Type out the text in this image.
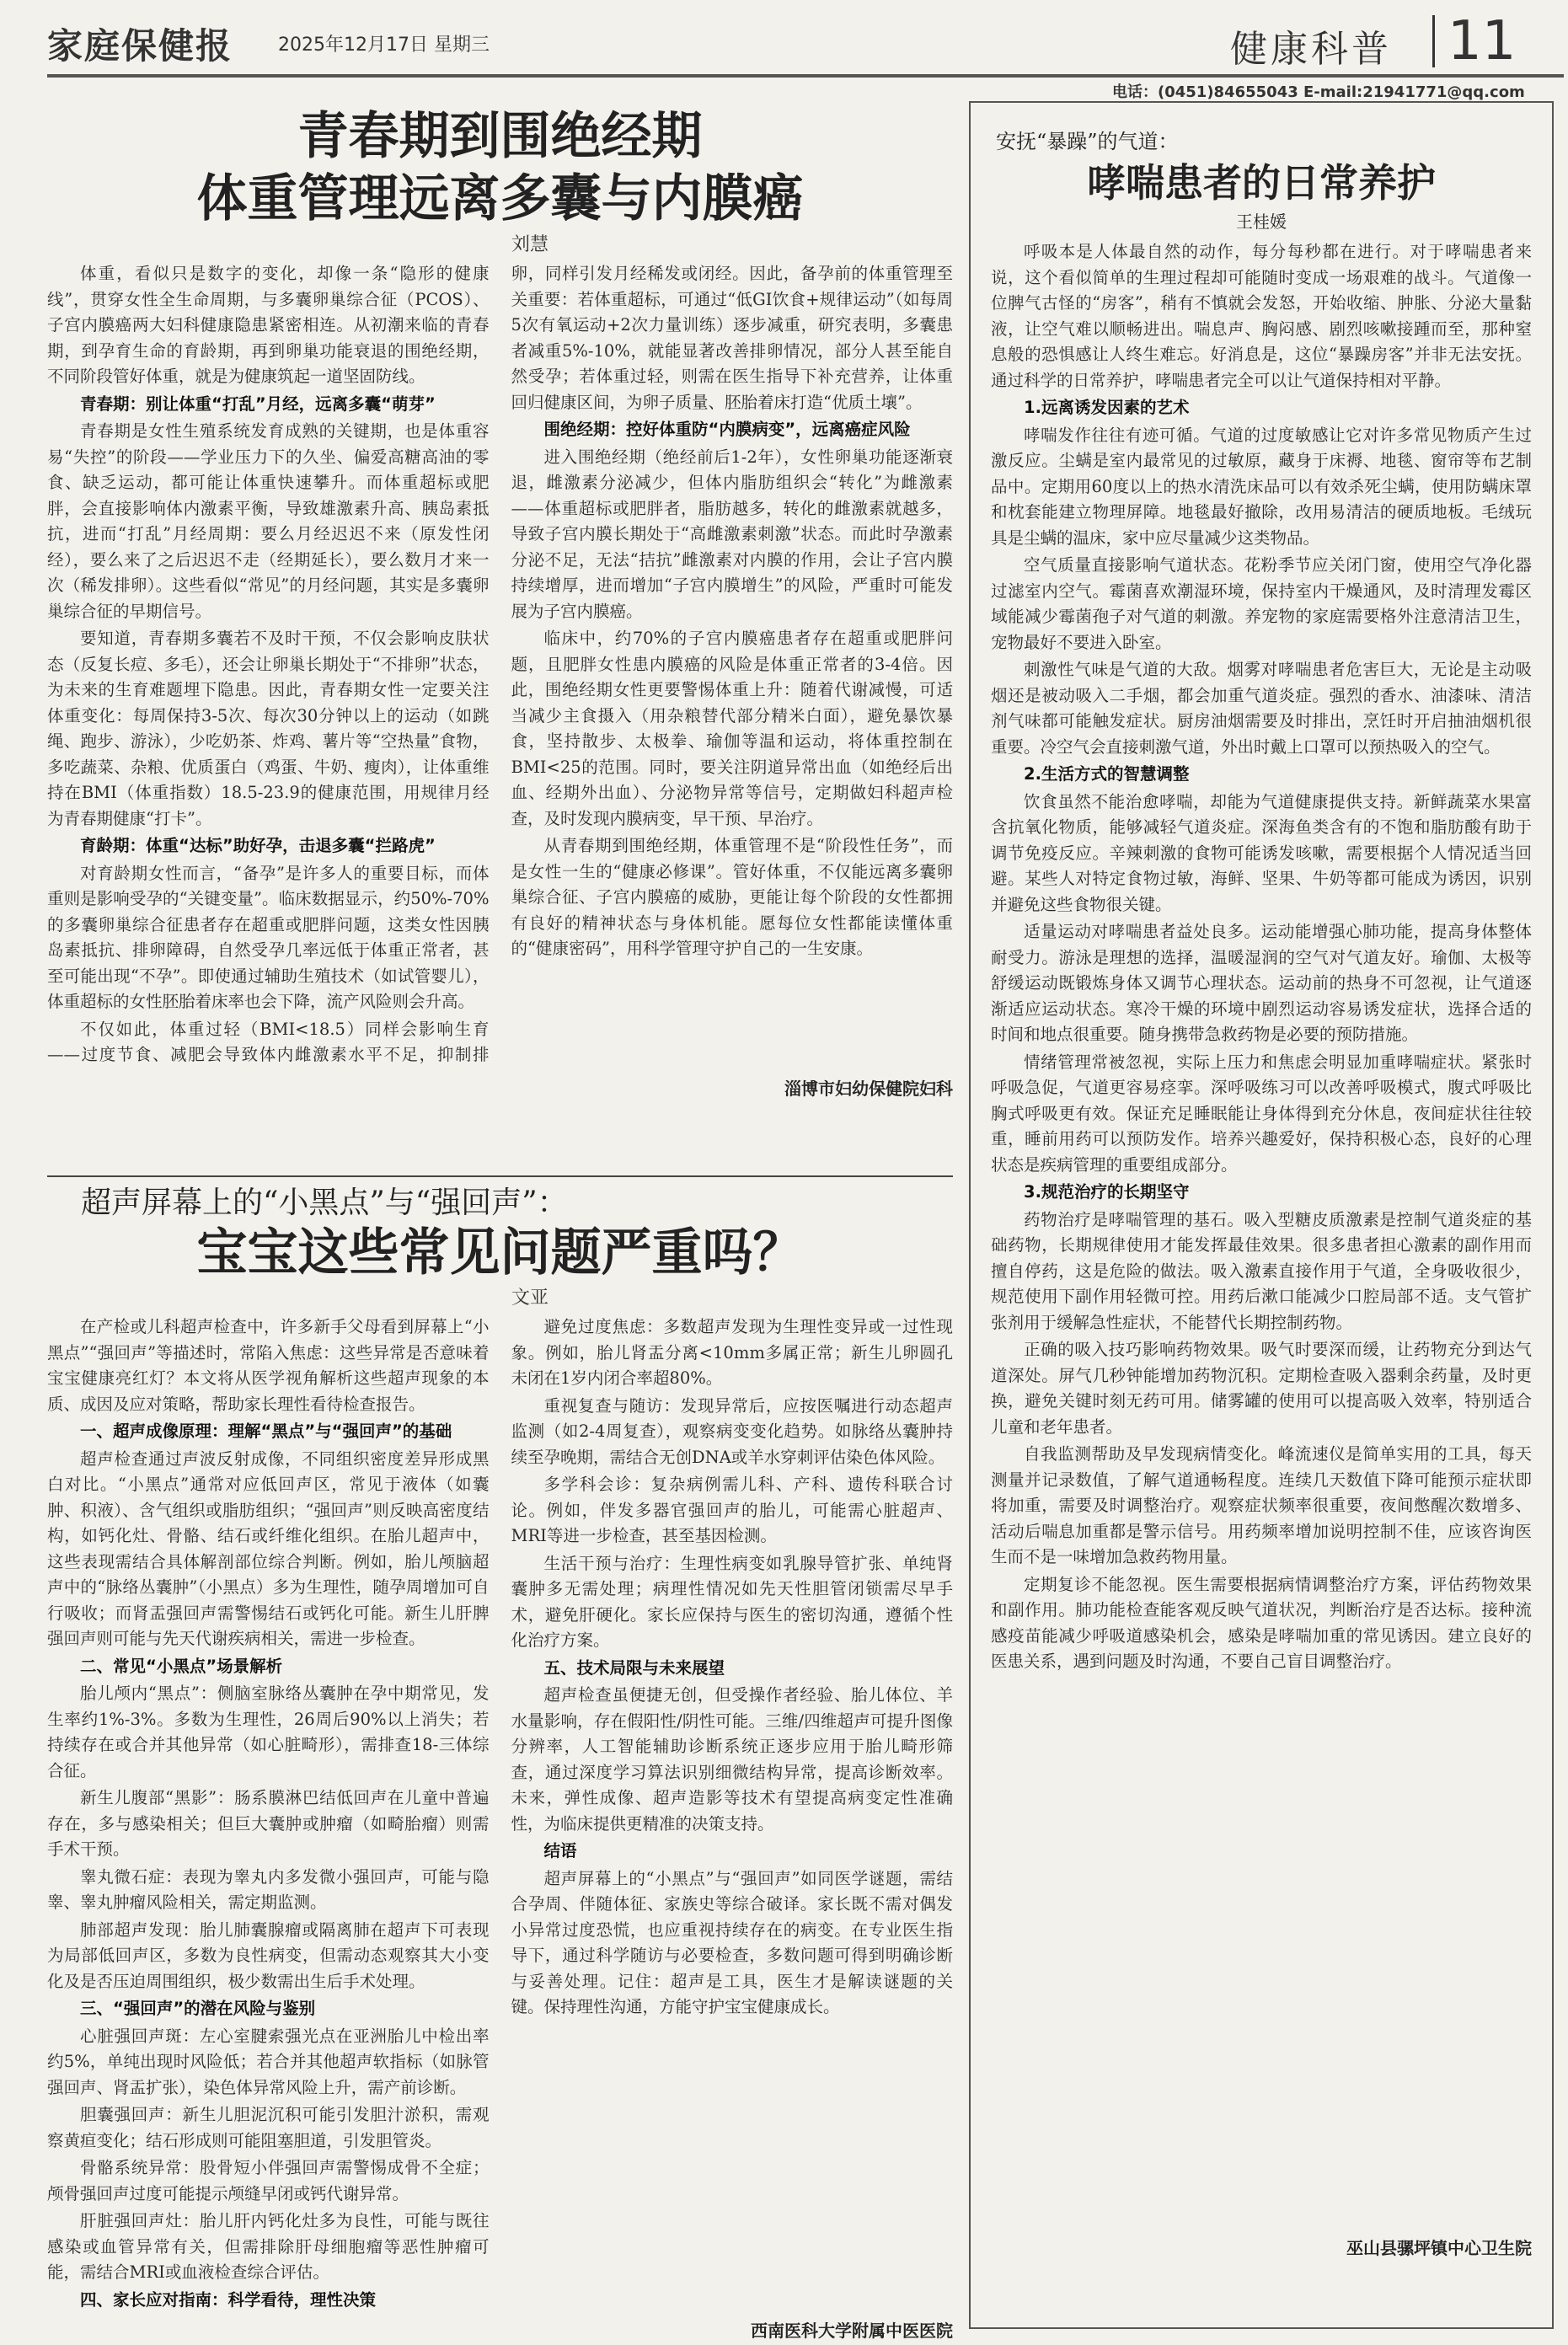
家庭保健报 2025年12月17日 星期三	健康科普 11
电话：(0451)84655043 E-mail:21941771@qq.com
青春期到围绝经期
体重管理远离多囊与内膜癌
刘慧

体重，看似只是数字的变化，却像一条“隐形的健康线”，贯穿女性全生命周期，与多囊卵巢综合征（PCOS）、子宫内膜癌两大妇科健康隐患紧密相连。从初潮来临的青春期，到孕育生命的育龄期，再到卵巢功能衰退的围绝经期，不同阶段管好体重，就是为健康筑起一道坚固防线。

青春期：别让体重“打乱”月经，远离多囊“萌芽”

青春期是女性生殖系统发育成熟的关键期，也是体重容易“失控”的阶段——学业压力下的久坐、偏爱高糖高油的零食、缺乏运动，都可能让体重快速攀升。而体重超标或肥胖，会直接影响体内激素平衡，导致雄激素升高、胰岛素抵抗，进而“打乱”月经周期：要么月经迟迟不来（原发性闭经），要么来了之后迟迟不走（经期延长），要么数月才来一次（稀发排卵）。这些看似“常见”的月经问题，其实是多囊卵巢综合征的早期信号。

要知道，青春期多囊若不及时干预，不仅会影响皮肤状态（反复长痘、多毛），还会让卵巢长期处于“不排卵”状态，为未来的生育难题埋下隐患。因此，青春期女性一定要关注体重变化：每周保持3-5次、每次30分钟以上的运动（如跳绳、跑步、游泳），少吃奶茶、炸鸡、薯片等“空热量”食物，多吃蔬菜、杂粮、优质蛋白（鸡蛋、牛奶、瘦肉），让体重维持在BMI（体重指数）18.5-23.9的健康范围，用规律月经为青春期健康“打卡”。

育龄期：体重“达标”助好孕，击退多囊“拦路虎”

对育龄期女性而言，“备孕”是许多人的重要目标，而体重则是影响受孕的“关键变量”。临床数据显示，约50%-70%的多囊卵巢综合征患者存在超重或肥胖问题，这类女性因胰岛素抵抗、排卵障碍，自然受孕几率远低于体重正常者，甚至可能出现“不孕”。即使通过辅助生殖技术（如试管婴儿），体重超标的女性胚胎着床率也会下降，流产风险则会升高。

不仅如此，体重过轻（BMI<18.5）同样会影响生育——过度节食、减肥会导致体内雌激素水平不足，抑制排卵，同样引发月经稀发或闭经。因此，备孕前的体重管理至关重要：若体重超标，可通过“低GI饮食+规律运动”（如每周5次有氧运动+2次力量训练）逐步减重，研究表明，多囊患者减重5%-10%，就能显著改善排卵情况，部分人甚至能自然受孕；若体重过轻，则需在医生指导下补充营养，让体重回归健康区间，为卵子质量、胚胎着床打造“优质土壤”。

围绝经期：控好体重防“内膜病变”，远离癌症风险

进入围绝经期（绝经前后1-2年），女性卵巢功能逐渐衰退，雌激素分泌减少，但体内脂肪组织会“转化”为雌激素——体重超标或肥胖者，脂肪越多，转化的雌激素就越多，导致子宫内膜长期处于“高雌激素刺激”状态。而此时孕激素分泌不足，无法“拮抗”雌激素对内膜的作用，会让子宫内膜持续增厚，进而增加“子宫内膜增生”的风险，严重时可能发展为子宫内膜癌。

临床中，约70%的子宫内膜癌患者存在超重或肥胖问题，且肥胖女性患内膜癌的风险是体重正常者的3-4倍。因此，围绝经期女性更要警惕体重上升：随着代谢减慢，可适当减少主食摄入（用杂粮替代部分精米白面），避免暴饮暴食，坚持散步、太极拳、瑜伽等温和运动，将体重控制在BMI<25的范围。同时，要关注阴道异常出血（如绝经后出血、经期外出血）、分泌物异常等信号，定期做妇科超声检查，及时发现内膜病变，早干预、早治疗。

从青春期到围绝经期，体重管理不是“阶段性任务”，而是女性一生的“健康必修课”。管好体重，不仅能远离多囊卵巢综合征、子宫内膜癌的威胁，更能让每个阶段的女性都拥有良好的精神状态与身体机能。愿每位女性都能读懂体重的“健康密码”，用科学管理守护自己的一生安康。

淄博市妇幼保健院妇科
超声屏幕上的“小黑点”与“强回声”：
宝宝这些常见问题严重吗？
文亚

在产检或儿科超声检查中，许多新手父母看到屏幕上“小黑点”“强回声”等描述时，常陷入焦虑：这些异常是否意味着宝宝健康亮红灯？本文将从医学视角解析这些超声现象的本质、成因及应对策略，帮助家长理性看待检查报告。

一、超声成像原理：理解“黑点”与“强回声”的基础

超声检查通过声波反射成像，不同组织密度差异形成黑白对比。“小黑点”通常对应低回声区，常见于液体（如囊肿、积液）、含气组织或脂肪组织；“强回声”则反映高密度结构，如钙化灶、骨骼、结石或纤维化组织。在胎儿超声中，这些表现需结合具体解剖部位综合判断。例如，胎儿颅脑超声中的“脉络丛囊肿”（小黑点）多为生理性，随孕周增加可自行吸收；而肾盂强回声需警惕结石或钙化可能。新生儿肝脾强回声则可能与先天代谢疾病相关，需进一步检查。

二、常见“小黑点”场景解析

胎儿颅内“黑点”：侧脑室脉络丛囊肿在孕中期常见，发生率约1%-3%。多数为生理性，26周后90%以上消失；若持续存在或合并其他异常（如心脏畸形），需排查18-三体综合征。

新生儿腹部“黑影”：肠系膜淋巴结低回声在儿童中普遍存在，多与感染相关；但巨大囊肿或肿瘤（如畸胎瘤）则需手术干预。

睾丸微石症：表现为睾丸内多发微小强回声，可能与隐睾、睾丸肿瘤风险相关，需定期监测。

肺部超声发现：胎儿肺囊腺瘤或隔离肺在超声下可表现为局部低回声区，多数为良性病变，但需动态观察其大小变化及是否压迫周围组织，极少数需出生后手术处理。

三、“强回声”的潜在风险与鉴别

心脏强回声斑：左心室腱索强光点在亚洲胎儿中检出率约5%，单纯出现时风险低；若合并其他超声软指标（如脉管强回声、肾盂扩张），染色体异常风险上升，需产前诊断。

胆囊强回声：新生儿胆泥沉积可能引发胆汁淤积，需观察黄疸变化；结石形成则可能阻塞胆道，引发胆管炎。

骨骼系统异常：股骨短小伴强回声需警惕成骨不全症；颅骨强回声过度可能提示颅缝早闭或钙代谢异常。

肝脏强回声灶：胎儿肝内钙化灶多为良性，可能与既往感染或血管异常有关，但需排除肝母细胞瘤等恶性肿瘤可能，需结合MRI或血液检查综合评估。

四、家长应对指南：科学看待，理性决策

避免过度焦虑：多数超声发现为生理性变异或一过性现象。例如，胎儿肾盂分离<10mm多属正常；新生儿卵圆孔未闭在1岁内闭合率超80%。

重视复查与随访：发现异常后，应按医嘱进行动态超声监测（如2-4周复查），观察病变变化趋势。如脉络丛囊肿持续至孕晚期，需结合无创DNA或羊水穿刺评估染色体风险。

多学科会诊：复杂病例需儿科、产科、遗传科联合讨论。例如，伴发多器官强回声的胎儿，可能需心脏超声、MRI等进一步检查，甚至基因检测。

生活干预与治疗：生理性病变如乳腺导管扩张、单纯肾囊肿多无需处理；病理性情况如先天性胆管闭锁需尽早手术，避免肝硬化。家长应保持与医生的密切沟通，遵循个性化治疗方案。

五、技术局限与未来展望

超声检查虽便捷无创，但受操作者经验、胎儿体位、羊水量影响，存在假阳性/阴性可能。三维/四维超声可提升图像分辨率，人工智能辅助诊断系统正逐步应用于胎儿畸形筛查，通过深度学习算法识别细微结构异常，提高诊断效率。未来，弹性成像、超声造影等技术有望提高病变定性准确性，为临床提供更精准的决策支持。

结语

超声屏幕上的“小黑点”与“强回声”如同医学谜题，需结合孕周、伴随体征、家族史等综合破译。家长既不需对偶发小异常过度恐慌，也应重视持续存在的病变。在专业医生指导下，通过科学随访与必要检查，多数问题可得到明确诊断与妥善处理。记住：超声是工具，医生才是解读谜题的关键。保持理性沟通，方能守护宝宝健康成长。

西南医科大学附属中医医院
安抚“暴躁”的气道：
哮喘患者的日常养护
王桂媛

呼吸本是人体最自然的动作，每分每秒都在进行。对于哮喘患者来说，这个看似简单的生理过程却可能随时变成一场艰难的战斗。气道像一位脾气古怪的“房客”，稍有不慎就会发怒，开始收缩、肿胀、分泌大量黏液，让空气难以顺畅进出。喘息声、胸闷感、剧烈咳嗽接踵而至，那种窒息般的恐惧感让人终生难忘。好消息是，这位“暴躁房客”并非无法安抚。通过科学的日常养护，哮喘患者完全可以让气道保持相对平静。

1.远离诱发因素的艺术

哮喘发作往往有迹可循。气道的过度敏感让它对许多常见物质产生过激反应。尘螨是室内最常见的过敏原，藏身于床褥、地毯、窗帘等布艺制品中。定期用60度以上的热水清洗床品可以有效杀死尘螨，使用防螨床罩和枕套能建立物理屏障。地毯最好撤除，改用易清洁的硬质地板。毛绒玩具是尘螨的温床，家中应尽量减少这类物品。

空气质量直接影响气道状态。花粉季节应关闭门窗，使用空气净化器过滤室内空气。霉菌喜欢潮湿环境，保持室内干燥通风，及时清理发霉区域能减少霉菌孢子对气道的刺激。养宠物的家庭需要格外注意清洁卫生，宠物最好不要进入卧室。

刺激性气味是气道的大敌。烟雾对哮喘患者危害巨大，无论是主动吸烟还是被动吸入二手烟，都会加重气道炎症。强烈的香水、油漆味、清洁剂气味都可能触发症状。厨房油烟需要及时排出，烹饪时开启抽油烟机很重要。冷空气会直接刺激气道，外出时戴上口罩可以预热吸入的空气。

2.生活方式的智慧调整

饮食虽然不能治愈哮喘，却能为气道健康提供支持。新鲜蔬菜水果富含抗氧化物质，能够减轻气道炎症。深海鱼类含有的不饱和脂肪酸有助于调节免疫反应。辛辣刺激的食物可能诱发咳嗽，需要根据个人情况适当回避。某些人对特定食物过敏，海鲜、坚果、牛奶等都可能成为诱因，识别并避免这些食物很关键。

适量运动对哮喘患者益处良多。运动能增强心肺功能，提高身体整体耐受力。游泳是理想的选择，温暖湿润的空气对气道友好。瑜伽、太极等舒缓运动既锻炼身体又调节心理状态。运动前的热身不可忽视，让气道逐渐适应运动状态。寒冷干燥的环境中剧烈运动容易诱发症状，选择合适的时间和地点很重要。随身携带急救药物是必要的预防措施。

情绪管理常被忽视，实际上压力和焦虑会明显加重哮喘症状。紧张时呼吸急促，气道更容易痉挛。深呼吸练习可以改善呼吸模式，腹式呼吸比胸式呼吸更有效。保证充足睡眠能让身体得到充分休息，夜间症状往往较重，睡前用药可以预防发作。培养兴趣爱好，保持积极心态，良好的心理状态是疾病管理的重要组成部分。

3.规范治疗的长期坚守

药物治疗是哮喘管理的基石。吸入型糖皮质激素是控制气道炎症的基础药物，长期规律使用才能发挥最佳效果。很多患者担心激素的副作用而擅自停药，这是危险的做法。吸入激素直接作用于气道，全身吸收很少，规范使用下副作用轻微可控。用药后漱口能减少口腔局部不适。支气管扩张剂用于缓解急性症状，不能替代长期控制药物。

正确的吸入技巧影响药物效果。吸气时要深而缓，让药物充分到达气道深处。屏气几秒钟能增加药物沉积。定期检查吸入器剩余药量，及时更换，避免关键时刻无药可用。储雾罐的使用可以提高吸入效率，特别适合儿童和老年患者。

自我监测帮助及早发现病情变化。峰流速仪是简单实用的工具，每天测量并记录数值，了解气道通畅程度。连续几天数值下降可能预示症状即将加重，需要及时调整治疗。观察症状频率很重要，夜间憋醒次数增多、活动后喘息加重都是警示信号。用药频率增加说明控制不佳，应该咨询医生而不是一味增加急救药物用量。

定期复诊不能忽视。医生需要根据病情调整治疗方案，评估药物效果和副作用。肺功能检查能客观反映气道状况，判断治疗是否达标。接种流感疫苗能减少呼吸道感染机会，感染是哮喘加重的常见诱因。建立良好的医患关系，遇到问题及时沟通，不要自己盲目调整治疗。

巫山县骡坪镇中心卫生院
